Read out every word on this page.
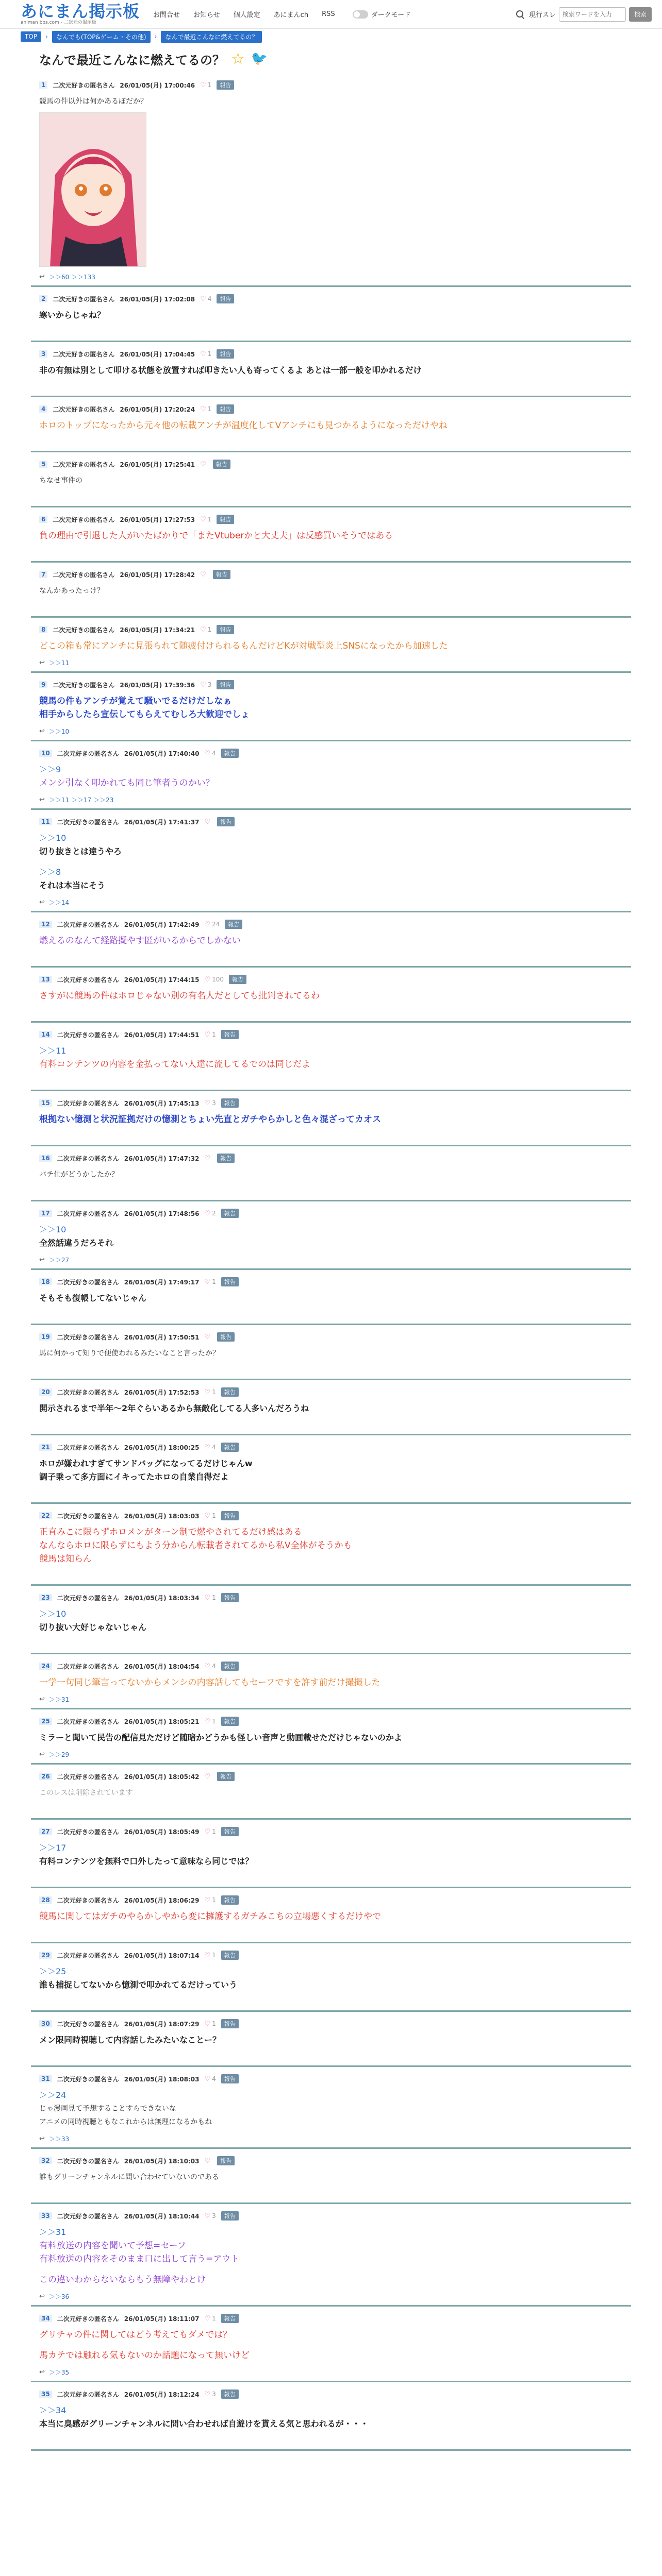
あにまん掲示板
animan bbs.com - 二次元の掲示板
お問合せ お知らせ 個人設定 あにまんch RSS	ダークモード	現行スレ
検索ワードを入力	検索
TOP	›	なんでも(TOP&ゲーム・その他)	›	なんで最近こんなに燃えてるの？
なんで最近こんなに燃えてるの？ ☆ 🐦
1	二次元好きの匿名さん 26/01/05(月) 17:00:46 ♡ 1	報告
競馬の件以外は何かあるぼだか？
↩ ＞＞60 ＞＞133
2	二次元好きの匿名さん 26/01/05(月) 17:02:08 ♡ 4	報告
寒いからじゃね？
3	二次元好きの匿名さん 26/01/05(月) 17:04:45 ♡ 1	報告
非の有無は別として叩ける状態を放置すれば叩きたい人も寄ってくるよ あとは一部一般を叩かれるだけ
4	二次元好きの匿名さん 26/01/05(月) 17:20:24 ♡ 1	報告
ホロのトップになったから元々他の転載アンチが温度化してVアンチにも見つかるようになっただけやね
5	二次元好きの匿名さん 26/01/05(月) 17:25:41 ♡	報告
ちなせ事件の
6	二次元好きの匿名さん 26/01/05(月) 17:27:53 ♡ 1	報告
負の理由で引退した人がいたばかりで「またVtuberかと大丈夫」は反感買いそうではある
7	二次元好きの匿名さん 26/01/05(月) 17:28:42 ♡	報告
なんかあったっけ？
8	二次元好きの匿名さん 26/01/05(月) 17:34:21 ♡ 1	報告
どこの箱も常にアンチに見張られて随疲付けられるもんだけどKが対戦型炎上SNSになったから加速した
↩ ＞＞11
9	二次元好きの匿名さん 26/01/05(月) 17:39:36 ♡ 3	報告
競馬の件もアンチが覚えて騒いでるだけだしなぁ
相手からしたら宣伝してもらえてむしろ大歓迎でしょ
↩ ＞＞10
10	二次元好きの匿名さん 26/01/05(月) 17:40:40 ♡ 4	報告
＞＞9
メンシ引なく叩かれても同じ筆者うのかい？
↩ ＞＞11 ＞＞17 ＞＞23
11	二次元好きの匿名さん 26/01/05(月) 17:41:37 ♡	報告
＞＞10
切り抜きとは違うやろ
＞＞8
それは本当にそう
↩ ＞＞14
12	二次元好きの匿名さん 26/01/05(月) 17:42:49 ♡ 24	報告
燃えるのなんて経路擬やす匿がいるからでしかない
13	二次元好きの匿名さん 26/01/05(月) 17:44:15 ♡ 100	報告
さすがに競馬の件はホロじゃない別の有名人だとしても批判されてるわ
14	二次元好きの匿名さん 26/01/05(月) 17:44:51 ♡ 1	報告
＞＞11
有料コンテンツの内容を金払ってない人達に流してるでのは同じだよ
15	二次元好きの匿名さん 26/01/05(月) 17:45:13 ♡ 3	報告
根拠ない憶測と状況証拠だけの憶測とちょい先直とガチやらかしと色々混ざってカオス
16	二次元好きの匿名さん 26/01/05(月) 17:47:32 ♡	報告
バチ仕がどうかしたか？
17	二次元好きの匿名さん 26/01/05(月) 17:48:56 ♡ 2	報告
＞＞10
全然話違うだろそれ
↩ ＞＞27
18	二次元好きの匿名さん 26/01/05(月) 17:49:17 ♡ 1	報告
そもそも復帳してないじゃん
19	二次元好きの匿名さん 26/01/05(月) 17:50:51 ♡	報告
馬に何かって知りで便使われるみたいなこと言ったか？
20	二次元好きの匿名さん 26/01/05(月) 17:52:53 ♡ 1	報告
開示されるまで半年〜2年ぐらいあるから無敵化してる人多いんだろうね
21	二次元好きの匿名さん 26/01/05(月) 18:00:25 ♡ 4	報告
ホロが嫌われすぎてサンドバッグになってるだけじゃんw
調子乗って多方面にイキってたホロの自業自得だよ
22	二次元好きの匿名さん 26/01/05(月) 18:03:03 ♡ 1	報告
正直みこに限らずホロメンがターン制で燃やされてるだけ感はある
なんならホロに限らずにもよう分からん転載者されてるから私V全体がそうかも
競馬は知らん
23	二次元好きの匿名さん 26/01/05(月) 18:03:34 ♡ 1	報告
＞＞10
切り抜い大好じゃないじゃん
24	二次元好きの匿名さん 26/01/05(月) 18:04:54 ♡ 4	報告
一学一句同じ筆言ってないからメンシの内容話してもセーフですを許す前だけ撮撮した
↩ ＞＞31
25	二次元好きの匿名さん 26/01/05(月) 18:05:21 ♡ 1	報告
ミラーと聞いて民告の配信見ただけど随暗かどうかも怪しい音声と動画載せただけじゃないのかよ
↩ ＞＞29
26	二次元好きの匿名さん 26/01/05(月) 18:05:42 ♡	報告
このレスは削除されています
27	二次元好きの匿名さん 26/01/05(月) 18:05:49 ♡ 1	報告
＞＞17
有料コンテンツを無料で口外したって意味なら同じでは？
28	二次元好きの匿名さん 26/01/05(月) 18:06:29 ♡ 1	報告
競馬に関してはガチのやらかしやから変に擁護するガチみこちの立場悪くするだけやで
29	二次元好きの匿名さん 26/01/05(月) 18:07:14 ♡ 1	報告
＞＞25
誰も捕捉してないから憶測で叩かれてるだけっていう
30	二次元好きの匿名さん 26/01/05(月) 18:07:29 ♡ 1	報告
メン限同時視聴して内容話したみたいなことー？
31	二次元好きの匿名さん 26/01/05(月) 18:08:03 ♡ 4	報告
＞＞24
じゃ漫画見て予想することすらできないな
アニメの同時視聴ともなこれからは無理になるかもね
↩ ＞＞33
32	二次元好きの匿名さん 26/01/05(月) 18:10:03 ♡	報告
誰もグリーンチャンネルに問い合わせていないのである
33	二次元好きの匿名さん 26/01/05(月) 18:10:44 ♡ 3	報告
＞＞31
有料放送の内容を聞いて予想=セーフ
有料放送の内容をそのまま口に出して言う=アウト
この違いわからないならもう無障やわとけ
↩ ＞＞36
34	二次元好きの匿名さん 26/01/05(月) 18:11:07 ♡ 1	報告
グリチャの件に関してはどう考えてもダメでは？
馬カテでは触れる気もないのか話題になって無いけど
↩ ＞＞35
35	二次元好きの匿名さん 26/01/05(月) 18:12:24 ♡ 3	報告
＞＞34
本当に臭感がグリーンチャンネルに問い合わせれば自遊けを貰える気と思われるが・・・
